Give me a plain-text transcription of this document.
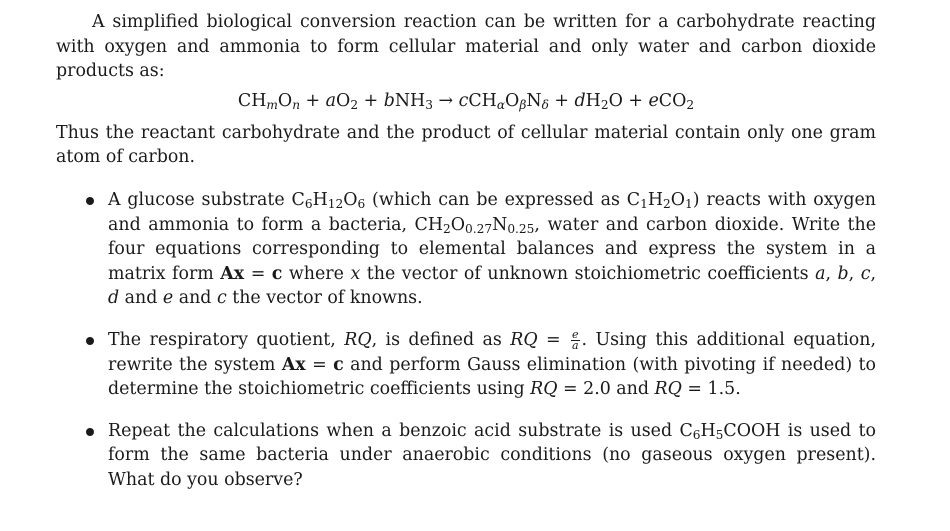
A simplified biological conversion reaction can be written for a carbohydrate reacting with oxygen and ammonia to form cellular material and only water and carbon dioxide products as:

$CH_mO_n + aO_2 + bNH_3 \to cCH_\alpha O_\beta N_\delta + dH_2O + eCO_2$

Thus the reactant carbohydrate and the product of cellular material contain only one gram atom of carbon.

A glucose substrate $C_6H_{12}O_6$ (which can be expressed as $C_1H_2O_1$) reacts with oxygen and ammonia to form a bacteria, $CH_2O_{0.27}N_{0.25}$, water and carbon dioxide. Write the four equations corresponding to elemental balances and express the system in a matrix form Ax = c where x the vector of unknown stoichiometric coefficients a, b, c, d and e and c the vector of knowns.
The respiratory quotient, RQ, is defined as RQ = $\frac{e}{a}$ . Using this additional equation, rewrite the system Ax = c and perform Gauss elimination (with pivoting if needed) to determine the stoichiometric coefficients using RQ = 2.0 and RQ = 1.5.
Repeat the calculations when a benzoic acid substrate is used $C_6H_5COOH$ is used to form the same bacteria under anaerobic conditions (no gaseous oxygen present). What do you observe?
